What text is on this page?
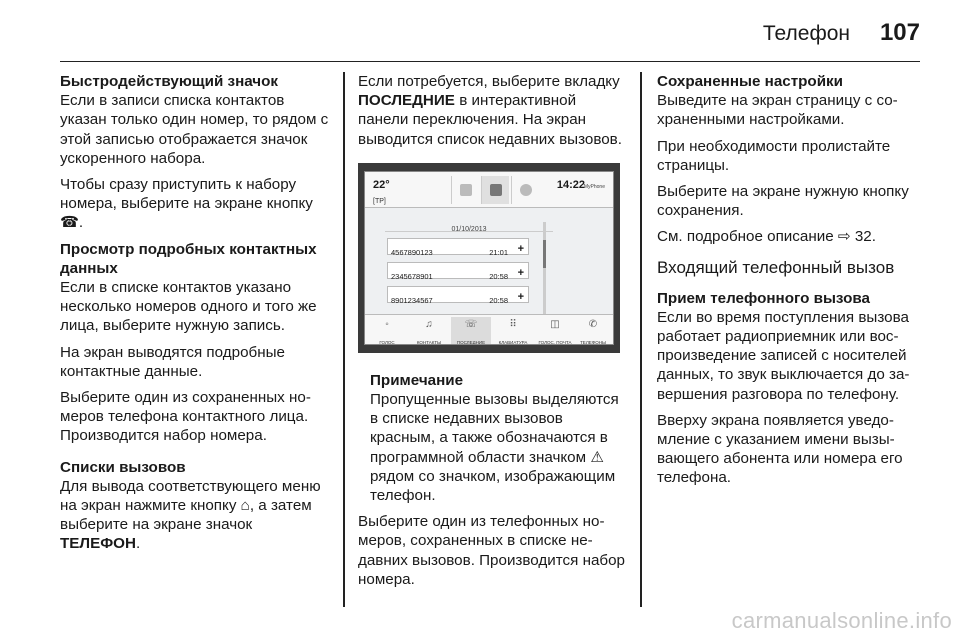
Телефон 107

Быстродействующий значок
Если в записи списка контактов указан только один номер, то рядом с этой записью отображается значок ускоренного набора.

Чтобы сразу приступить к набору номера, выберите на экране кнопку ☎.

Просмотр подробных контактных данных
Если в списке контактов указано несколько номеров одного и того же лица, выберите нужную запись.

На экран выводятся подробные контактные данные.

Выберите один из сохраненных номеров телефона контактного лица. Производится набор номера.

Списки вызовов
Для вывода соответствующего меню на экран нажмите кнопку ⌂, а затем выберите на экране значок ТЕЛЕФОН.

Если потребуется, выберите вкладку ПОСЛЕДНИЕ в интерактивной панели переключения. На экран выводится список недавних вызовов.

22°
[TP]
14:22
MyPhone
01/10/2013
4567890123	21:01 +
2345678901	20:58 +
8901234567	20:58 +
◦
ГОЛОС
♫
КОНТАКТЫ
☏
ПОСЛЕДНИЕ
⠿
КЛАВИАТУРА
◫
ГОЛОС. ПОЧТА
✆
ТЕЛЕФОНЫ

Примечание
Пропущенные вызовы выделяются в списке недавних вызовов красным, а также обозначаются в программной области значком ⚠ рядом со значком, изображающим телефон.

Выберите один из телефонных номеров, сохраненных в списке недавних вызовов. Производится набор номера.

Сохраненные настройки
Выведите на экран страницу с сохраненными настройками.

При необходимости пролистайте страницы.

Выберите на экране нужную кнопку сохранения.

См. подробное описание ⇨ 32.

Входящий телефонный вызов

Прием телефонного вызова
Если во время поступления вызова работает радиоприемник или воспроизведение записей с носителей данных, то звук выключается до завершения разговора по телефону.

Вверху экрана появляется уведомление с указанием имени вызывающего абонента или номера его телефона.

carmanualsonline.info
